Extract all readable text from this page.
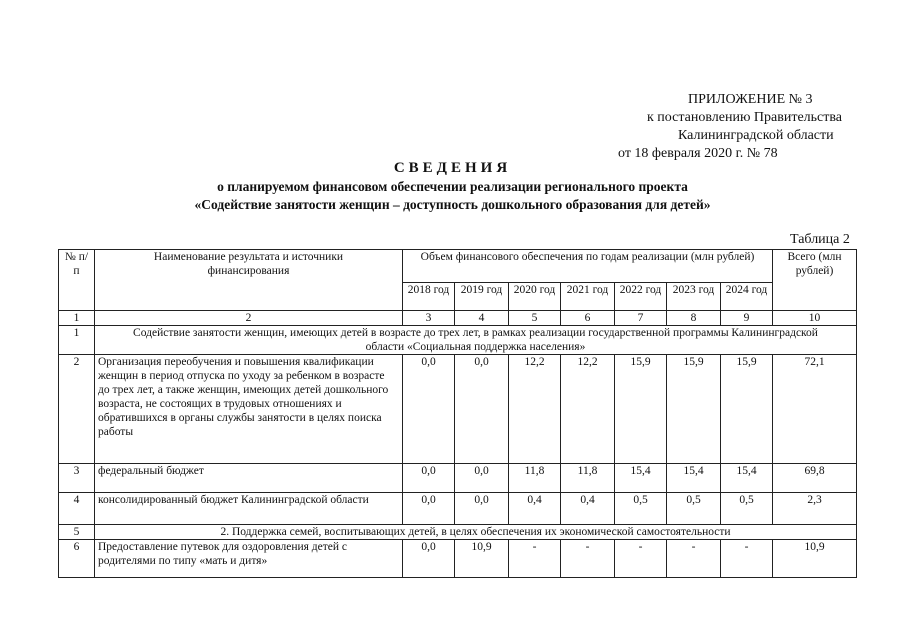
ПРИЛОЖЕНИЕ № 3
к постановлению Правительства
Калининградской области
от 18 февраля 2020 г. № 78
СВЕДЕНИЯ
о планируемом финансовом обеспечении реализации регионального проекта
«Содействие занятости женщин – доступность дошкольного образования для детей»
Таблица 2
№ п/п	Наименование результата и источники финансирования	Объем финансового обеспечения по годам реализации (млн рублей)							Всего (млн рублей)
		2018 год	2019 год	2020 год	2021 год	2022 год	2023 год	2024 год	
1	2	3	4	5	6	7	8	9	10
1	Содействие занятости женщин, имеющих детей в возрасте до трех лет, в рамках реализации государственной программы Калининградской области «Социальная поддержка населения»								
2	Организация переобучения и повышения квалификации женщин в период отпуска по уходу за ребенком в возрасте до трех лет, а также женщин, имеющих детей дошкольного возраста, не состоящих в трудовых отношениях и обратившихся в органы службы занятости в целях поиска работы	0,0	0,0	12,2	12,2	15,9	15,9	15,9	72,1
3	федеральный бюджет	0,0	0,0	11,8	11,8	15,4	15,4	15,4	69,8
4	консолидированный бюджет Калининградской области	0,0	0,0	0,4	0,4	0,5	0,5	0,5	2,3
5	2. Поддержка семей, воспитывающих детей, в целях обеспечения их экономической самостоятельности								
6	Предоставление путевок для оздоровления детей с родителями по типу «мать и дитя»	0,0	10,9	-	-	-	-	-	10,9
